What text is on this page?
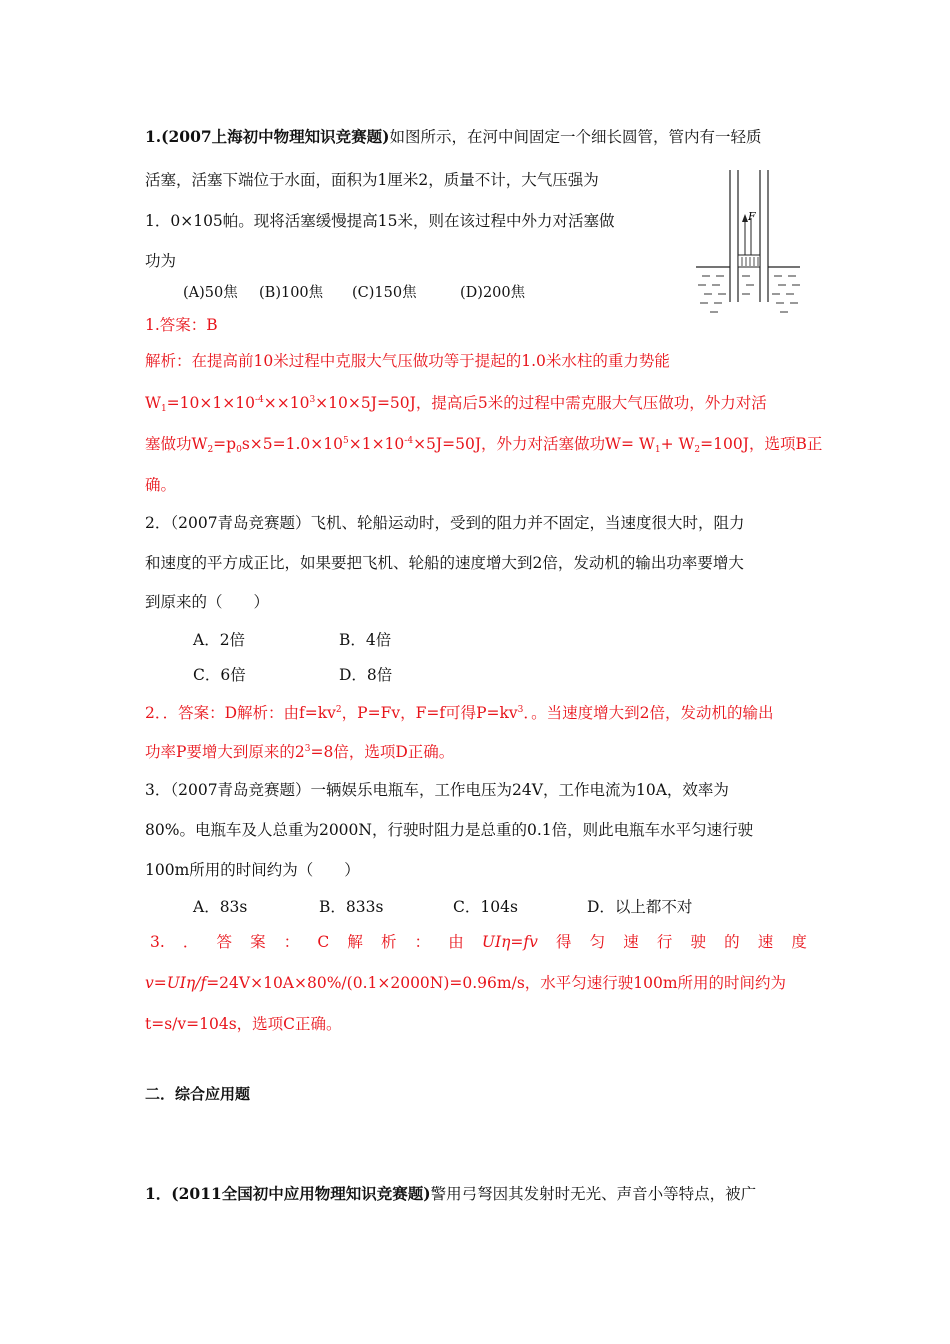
1.(2007上海初中物理知识竞赛题)如图所示，在河中间固定一个细长圆管，管内有一轻质
活塞，活塞下端位于水面，面积为1厘米2，质量不计，大气压强为
1．0×105帕。现将活塞缓慢提高15米，则在该过程中外力对活塞做
功为
(A)50焦 (B)100焦 (C)150焦	(D)200焦
F
1.答案：B
解析：在提高前10米过程中克服大气压做功等于提起的1.0米水柱的重力势能
$W_1=10\times 1\times 10^{-4}\times\times 10^3\times 10\times 5J=50J$，提高后5米的过程中需克服大气压做功，外力对活
塞做功$W_2=p_0s\times 5=1.0\times 10^5\times 1\times 10^{-4}\times 5J=50J$，外力对活塞做功$W= W_1+ W_2=100J$，选项B正
确。
2．（2007青岛竞赛题）飞机、轮船运动时，受到的阻力并不固定，当速度很大时，阻力
和速度的平方成正比，如果要把飞机、轮船的速度增大到2倍，发动机的输出功率要增大
到原来的（　　）
A．2倍	B．4倍
C．6倍	D．8倍
2．．答案：D解析：由$f=kv^2$，P=Fv，F=f可得$P=kv^3$．。当速度增大到2倍，发动机的输出
功率P要增大到原来的$2^3=8$倍，选项D正确。
3．（2007青岛竞赛题）一辆娱乐电瓶车，工作电压为24V，工作电流为10A，效率为
80%。电瓶车及人总重为2000N，行驶时阻力是总重的0.1倍，则此电瓶车水平匀速行驶
100m所用的时间约为（　　）
A．83s	B．833s	C．104s	D．以上都不对
3. ． 答 案 ： C 解 析 ： 由 UIη=fv 得 匀 速 行 驶 的 速 度
v=UIη/f=24V×10A×80%/(0.1×2000N)=0.96m/s，水平匀速行驶100m所用的时间约为
t=s/v=104s，选项C正确。
二．综合应用题
1．(2011全国初中应用物理知识竞赛题)警用弓弩因其发射时无光、声音小等特点，被广
